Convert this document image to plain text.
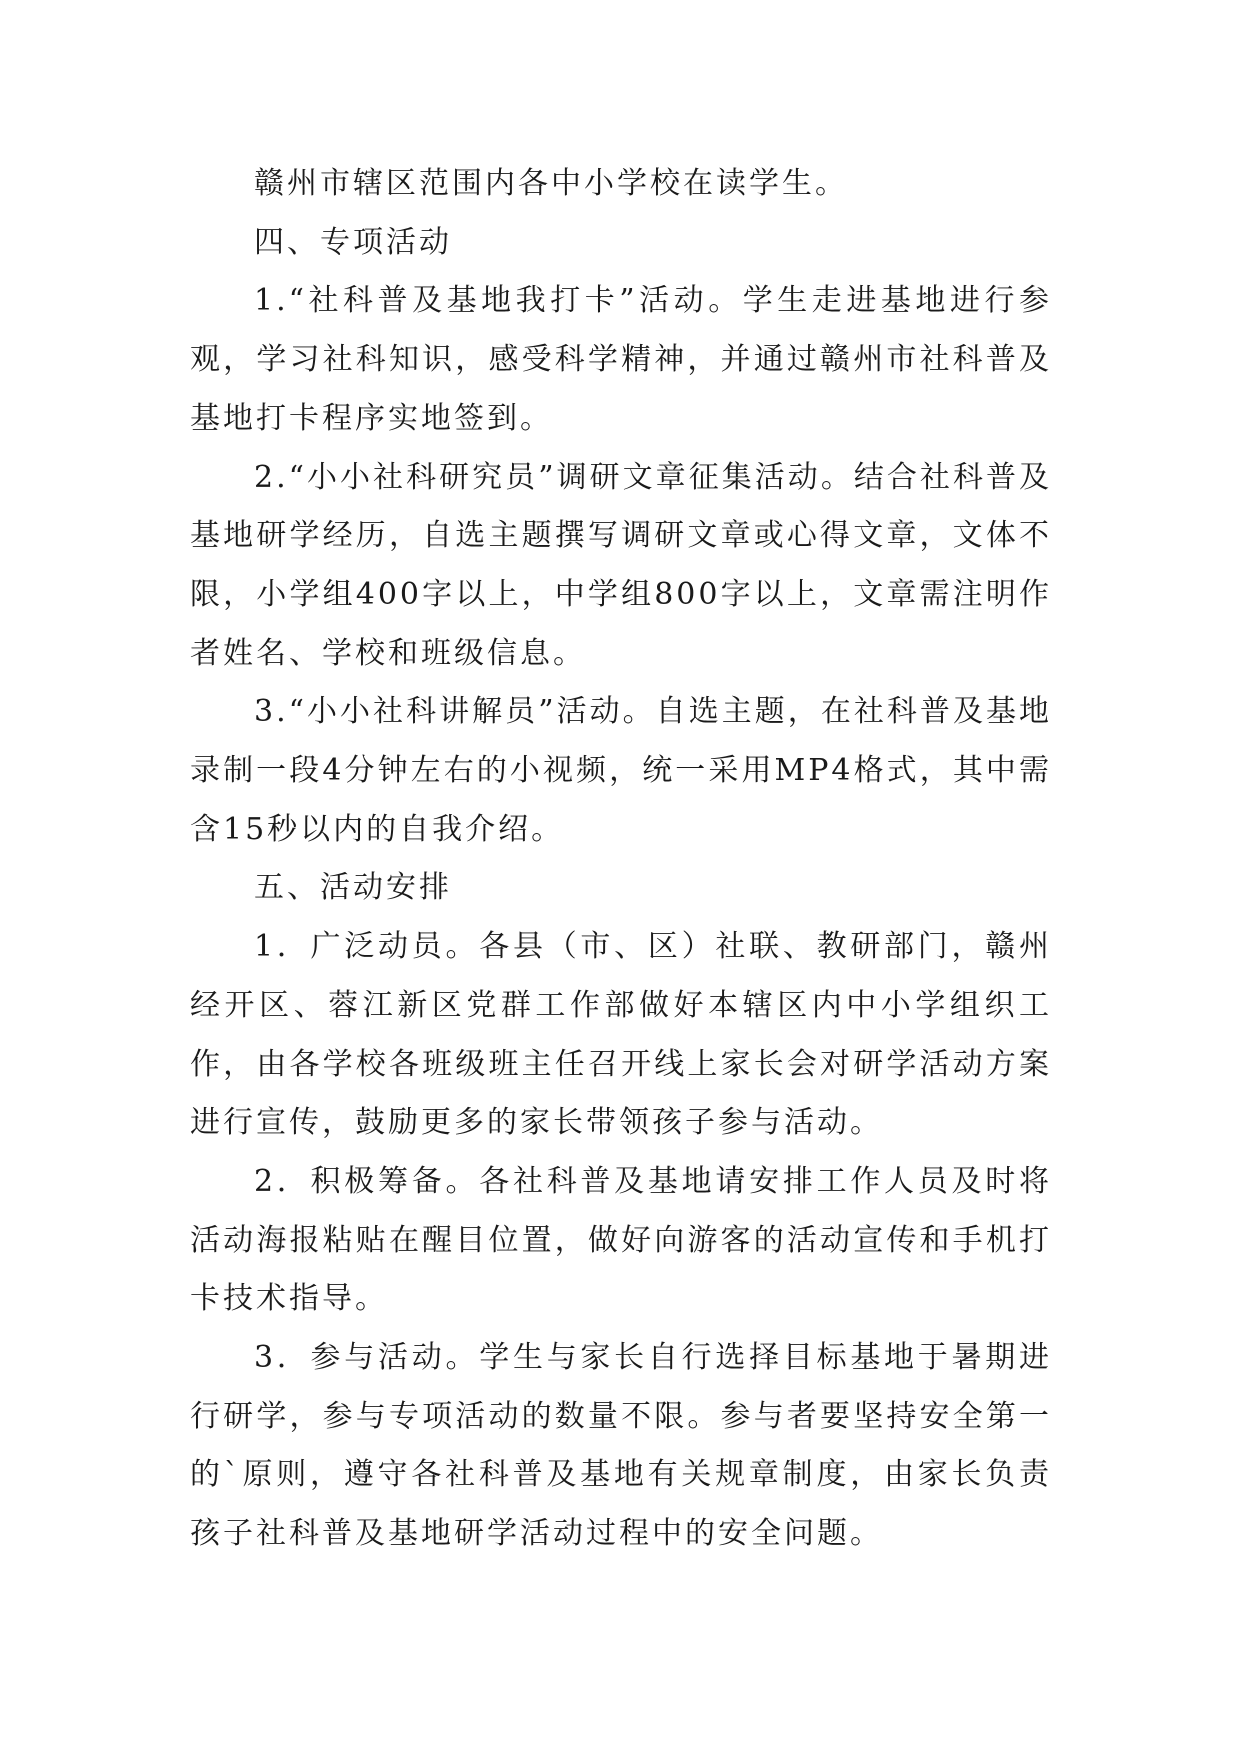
赣州市辖区范围内各中小学校在读学生。

四、专项活动

1.“社科普及基地我打卡”活动。学生走进基地进行参观，学习社科知识，感受科学精神，并通过赣州市社科普及基地打卡程序实地签到。

2.“小小社科研究员”调研文章征集活动。结合社科普及基地研学经历，自选主题撰写调研文章或心得文章，文体不限，小学组400字以上，中学组800字以上，文章需注明作者姓名、学校和班级信息。

3.“小小社科讲解员”活动。自选主题，在社科普及基地录制一段4分钟左右的小视频，统一采用MP4格式，其中需含15秒以内的自我介绍。

五、活动安排

1．广泛动员。各县（市、区）社联、教研部门，赣州经开区、蓉江新区党群工作部做好本辖区内中小学组织工作，由各学校各班级班主任召开线上家长会对研学活动方案进行宣传，鼓励更多的家长带领孩子参与活动。

2．积极筹备。各社科普及基地请安排工作人员及时将活动海报粘贴在醒目位置，做好向游客的活动宣传和手机打卡技术指导。

3．参与活动。学生与家长自行选择目标基地于暑期进行研学，参与专项活动的数量不限。参与者要坚持安全第一的`原则，遵守各社科普及基地有关规章制度，由家长负责孩子社科普及基地研学活动过程中的安全问题。
